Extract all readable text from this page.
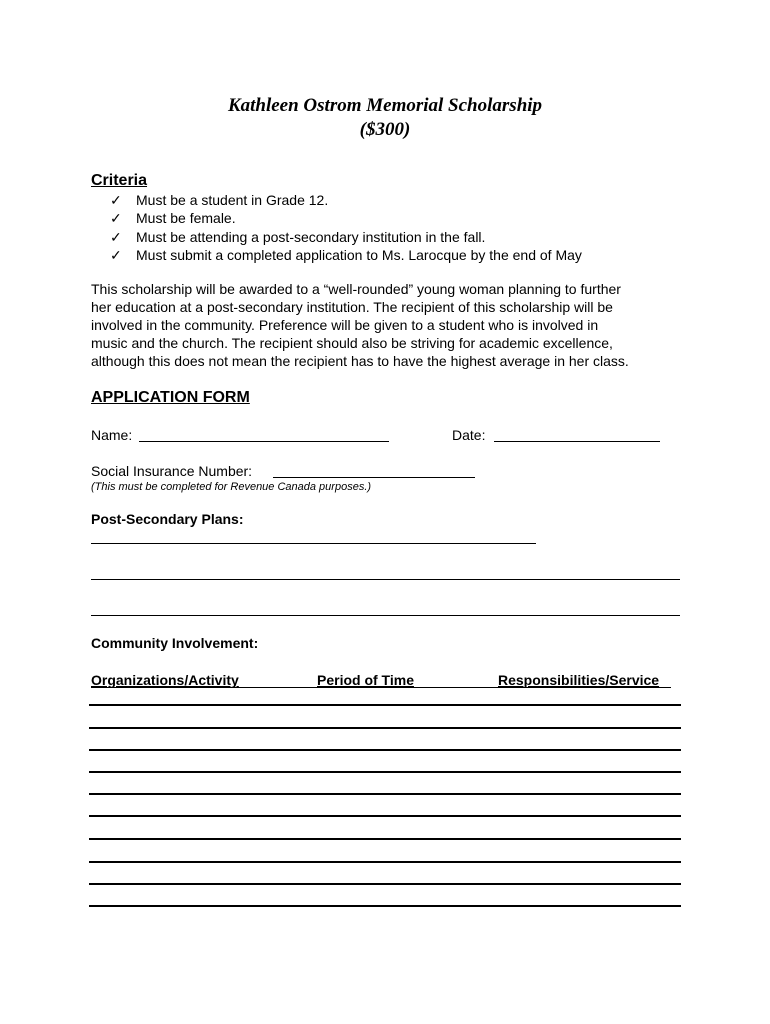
Kathleen Ostrom Memorial Scholarship
($300)
Criteria
✓ Must be a student in Grade 12.
✓ Must be female.
✓ Must be attending a post-secondary institution in the fall.
✓ Must submit a completed application to Ms. Larocque by the end of May
This scholarship will be awarded to a “well-rounded” young woman planning to further
her education at a post-secondary institution. The recipient of this scholarship will be
involved in the community. Preference will be given to a student who is involved in
music and the church. The recipient should also be striving for academic excellence,
although this does not mean the recipient has to have the highest average in her class.
APPLICATION FORM
Name:	Date:
Social Insurance Number:
(This must be completed for Revenue Canada purposes.)
Post-Secondary Plans:
Community Involvement:
Organizations/Activity	Period of Time	Responsibilities/Service
